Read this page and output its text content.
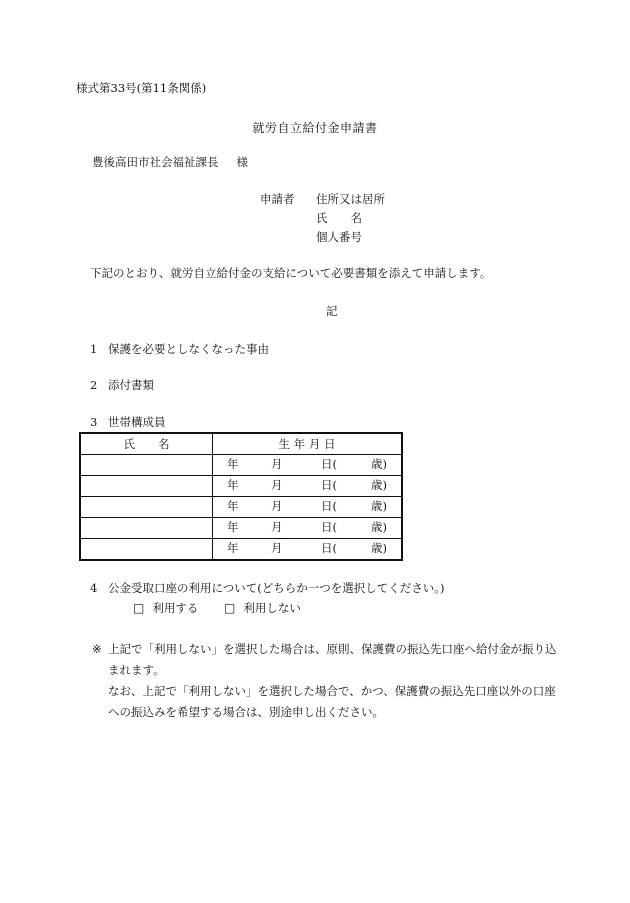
様式第33号(第11条関係)
就労自立給付金申請書
豊後高田市社会福祉課長 様
申請者 住所又は居所
氏　　名
個人番号
下記のとおり、就労自立給付金の支給について必要書類を添えて申請します。
記
1 保護を必要としなくなった事由
2 添付書類
3 世帯構成員
氏　　名	生 年 月 日

	年 月 日( 歳)

	年 月 日( 歳)

	年 月 日( 歳)

	年 月 日( 歳)

	年 月 日( 歳)
4 公金受取口座の利用について(どちらか一つを選択してください。)
□ 利用する □ 利用しない
※ 上記で「利用しない」を選択した場合は、原則、保護費の振込先口座へ給付金が振り込まれます。
なお、上記で「利用しない」を選択した場合で、かつ、保護費の振込先口座以外の口座への振込みを希望する場合は、別途申し出ください。
